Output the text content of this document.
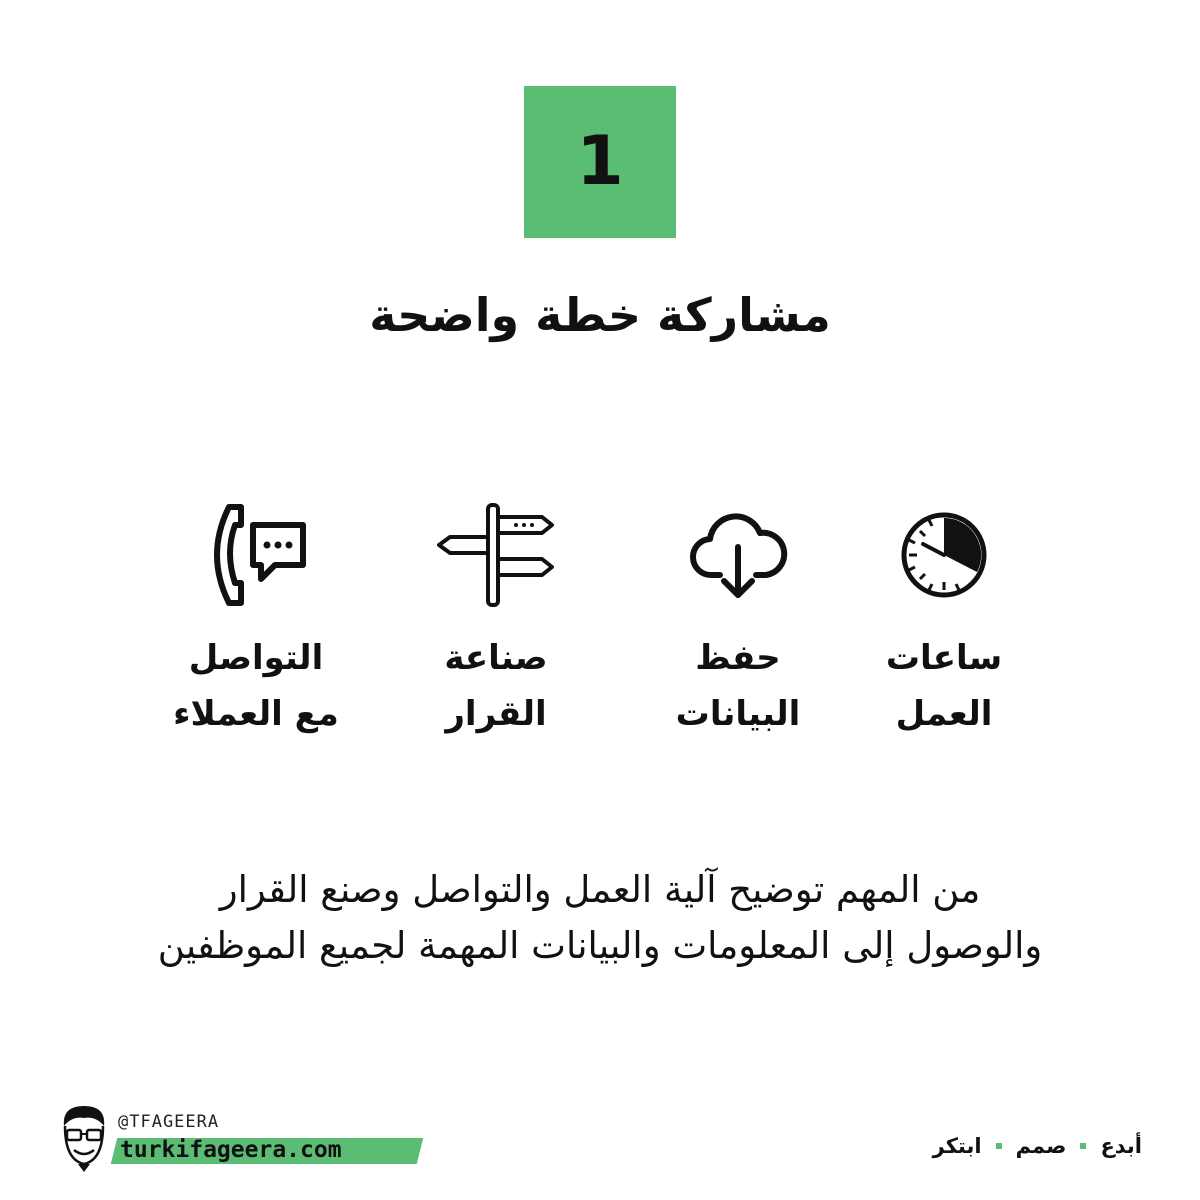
1
مشاركة خطة واضحة
ساعات
العمل
حفظ
البيانات
صناعة
القرار
التواصل
مع العملاء
من المهم توضيح آلية العمل والتواصل وصنع القرار
والوصول إلى المعلومات والبيانات المهمة لجميع الموظفين
@TFAGEERA
turkifageera.com	أبدع
صمم
ابتكر
